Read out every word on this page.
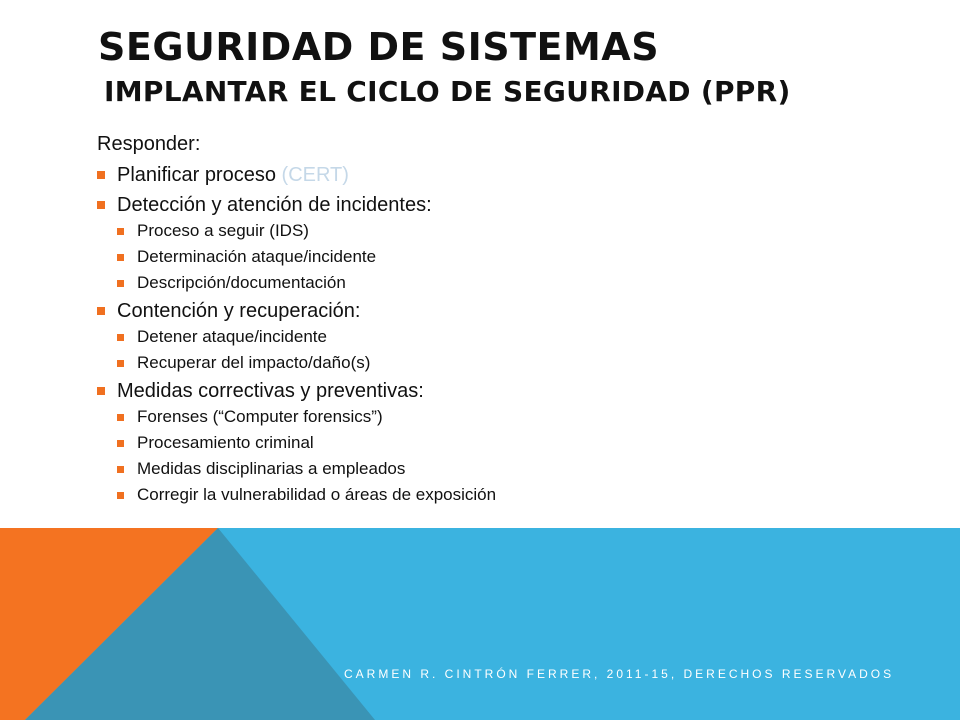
SEGURIDAD DE SISTEMAS
IMPLANTAR EL CICLO DE SEGURIDAD (PPR)

Responder:

Planificar proceso (CERT)
Detección y atención de incidentes:
Proceso a seguir (IDS)
Determinación ataque/incidente
Descripción/documentación
Contención y recuperación:
Detener ataque/incidente
Recuperar del impacto/daño(s)
Medidas correctivas y preventivas:
Forenses (“Computer forensics”)
Procesamiento criminal
Medidas disciplinarias a empleados
Corregir la vulnerabilidad o áreas de exposición
CARMEN R. CINTRÓN FERRER, 2011-15, DERECHOS RESERVADOS
